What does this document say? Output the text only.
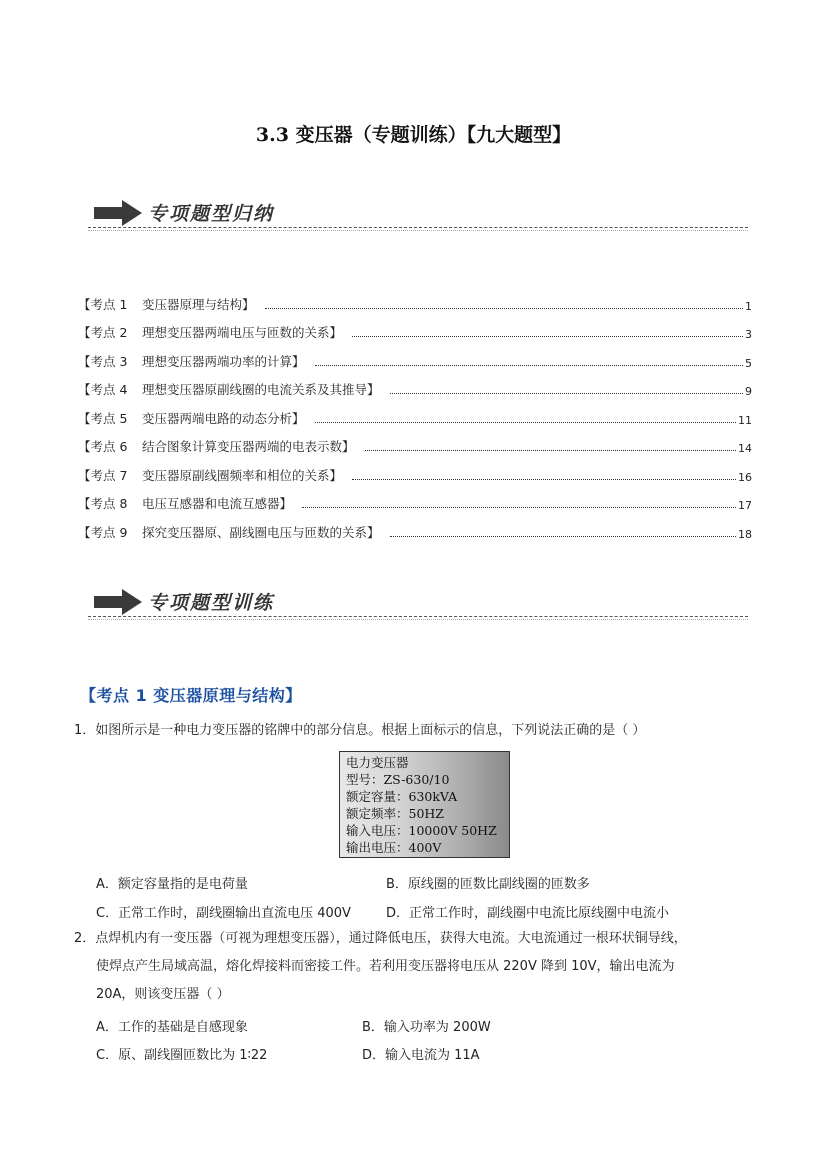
3.3 变压器（专题训练）【九大题型】
专项题型归纳
【考点 1 变压器原理与结构】	1
【考点 2 理想变压器两端电压与匝数的关系】	3
【考点 3 理想变压器两端功率的计算】	5
【考点 4 理想变压器原副线圈的电流关系及其推导】	9
【考点 5 变压器两端电路的动态分析】	11
【考点 6 结合图象计算变压器两端的电表示数】	14
【考点 7 变压器原副线圈频率和相位的关系】	16
【考点 8 电压互感器和电流互感器】	17
【考点 9 探究变压器原、副线圈电压与匝数的关系】	18
专项题型训练
【考点 1 变压器原理与结构】
1．如图所示是一种电力变压器的铭牌中的部分信息。根据上面标示的信息，下列说法正确的是（ ）
电力变压器
型号：ZS-630/10
额定容量：630kVA
额定频率：50HZ
输入电压：10000V 50HZ
输出电压：400V
A．额定容量指的是电荷量	B．原线圈的匝数比副线圈的匝数多
C．正常工作时，副线圈输出直流电压 400V	D．正常工作时，副线圈中电流比原线圈中电流小
2．点焊机内有一变压器（可视为理想变压器），通过降低电压，获得大电流。大电流通过一根环状铜导线，
使焊点产生局域高温，熔化焊接料而密接工件。若利用变压器将电压从 220V 降到 10V，输出电流为
20A，则该变压器（ ）
A．工作的基础是自感现象	B．输入功率为 200W
C．原、副线圈匝数比为 1∶22	D．输入电流为 11A
